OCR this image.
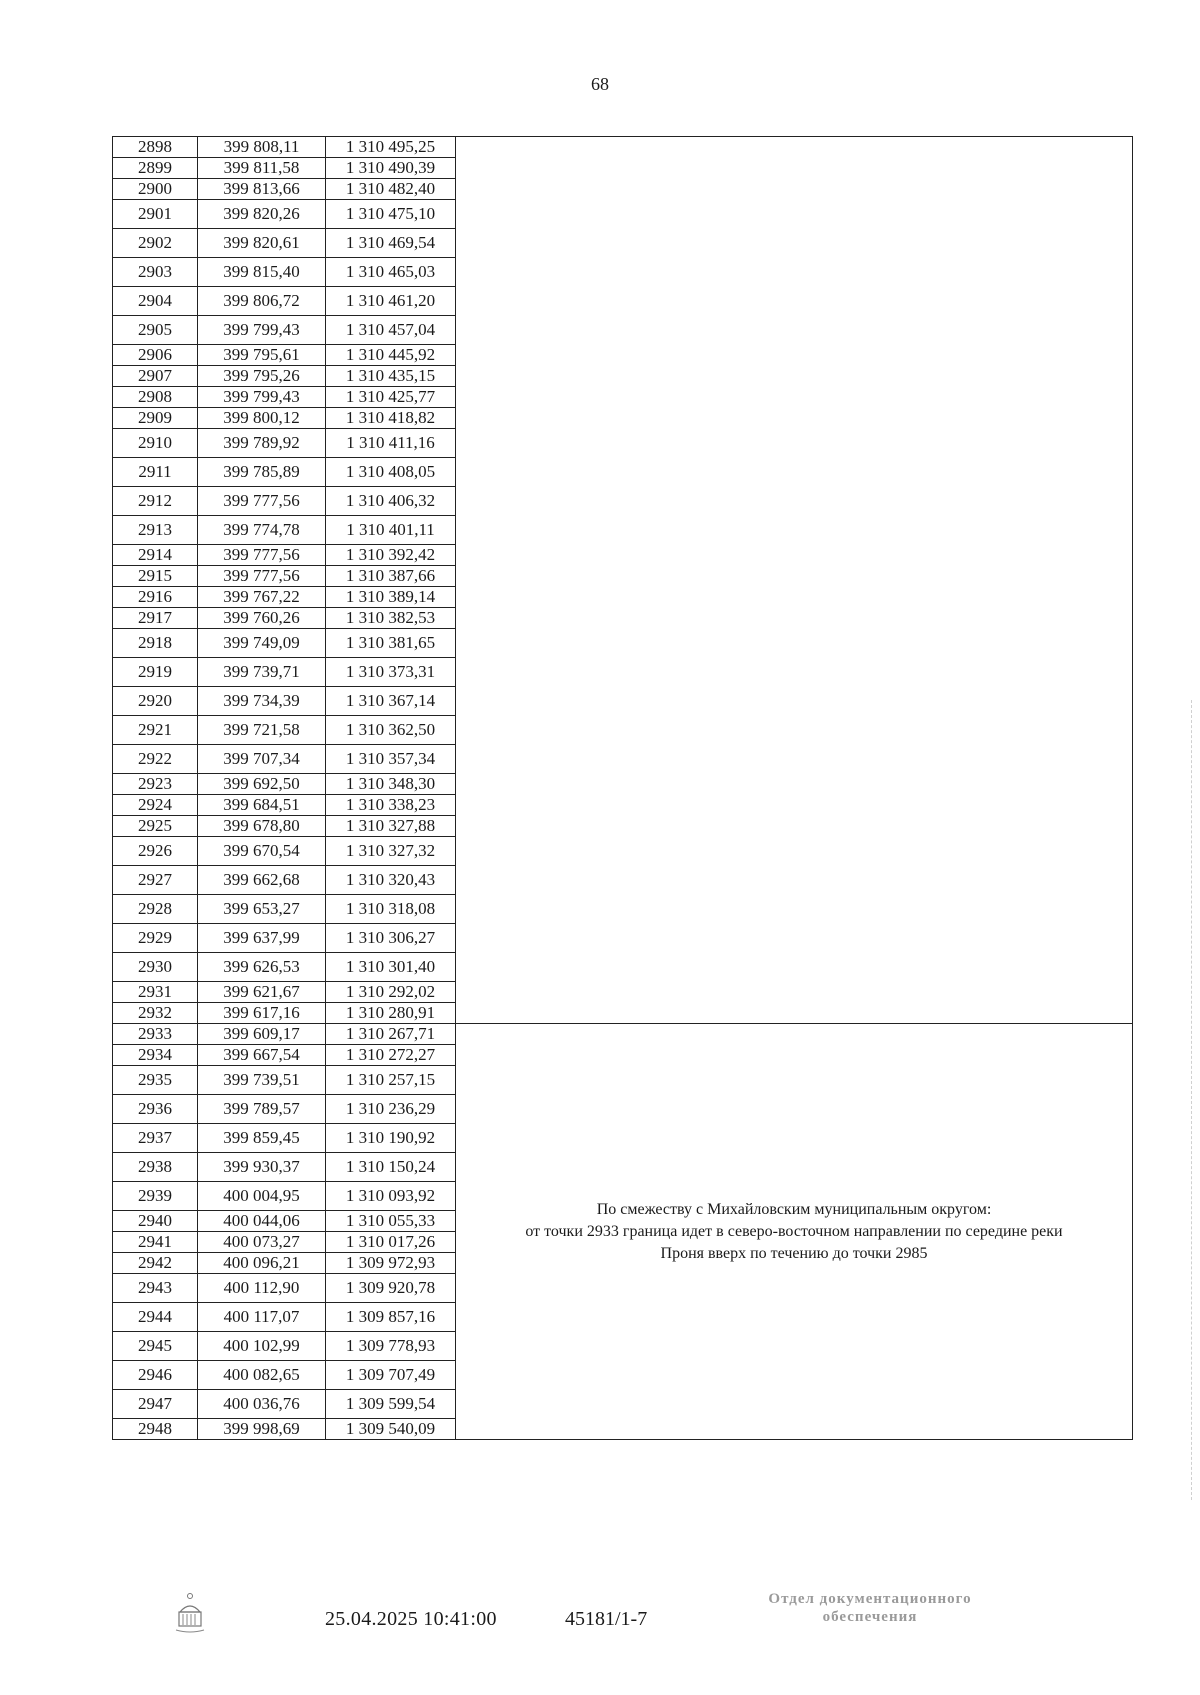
68
2898	399 808,11	1 310 495,25	
2899	399 811,58	1 310 490,39	
2900	399 813,66	1 310 482,40	
2901	399 820,26	1 310 475,10	
2902	399 820,61	1 310 469,54	
2903	399 815,40	1 310 465,03	
2904	399 806,72	1 310 461,20	
2905	399 799,43	1 310 457,04	
2906	399 795,61	1 310 445,92	
2907	399 795,26	1 310 435,15	
2908	399 799,43	1 310 425,77	
2909	399 800,12	1 310 418,82	
2910	399 789,92	1 310 411,16	
2911	399 785,89	1 310 408,05	
2912	399 777,56	1 310 406,32	
2913	399 774,78	1 310 401,11	
2914	399 777,56	1 310 392,42	
2915	399 777,56	1 310 387,66	
2916	399 767,22	1 310 389,14	
2917	399 760,26	1 310 382,53	
2918	399 749,09	1 310 381,65	
2919	399 739,71	1 310 373,31	
2920	399 734,39	1 310 367,14	
2921	399 721,58	1 310 362,50	
2922	399 707,34	1 310 357,34	
2923	399 692,50	1 310 348,30	
2924	399 684,51	1 310 338,23	
2925	399 678,80	1 310 327,88	
2926	399 670,54	1 310 327,32	
2927	399 662,68	1 310 320,43	
2928	399 653,27	1 310 318,08	
2929	399 637,99	1 310 306,27	
2930	399 626,53	1 310 301,40	
2931	399 621,67	1 310 292,02	
2932	399 617,16	1 310 280,91	
2933	399 609,17	1 310 267,71	По смежеству с Михайловским муниципальным округом:
от точки 2933 граница идет в северо-восточном направлении по середине реки
Проня вверх по течению до точки 2985

2934	399 667,54	1 310 272,27	
2935	399 739,51	1 310 257,15	
2936	399 789,57	1 310 236,29	
2937	399 859,45	1 310 190,92	
2938	399 930,37	1 310 150,24	
2939	400 004,95	1 310 093,92	
2940	400 044,06	1 310 055,33	
2941	400 073,27	1 310 017,26	
2942	400 096,21	1 309 972,93	
2943	400 112,90	1 309 920,78	
2944	400 117,07	1 309 857,16	
2945	400 102,99	1 309 778,93	
2946	400 082,65	1 309 707,49	
2947	400 036,76	1 309 599,54	
2948	399 998,69	1 309 540,09	
25.04.2025 10:41:00	45181/1-7
Отдел документационного
обеспечения
